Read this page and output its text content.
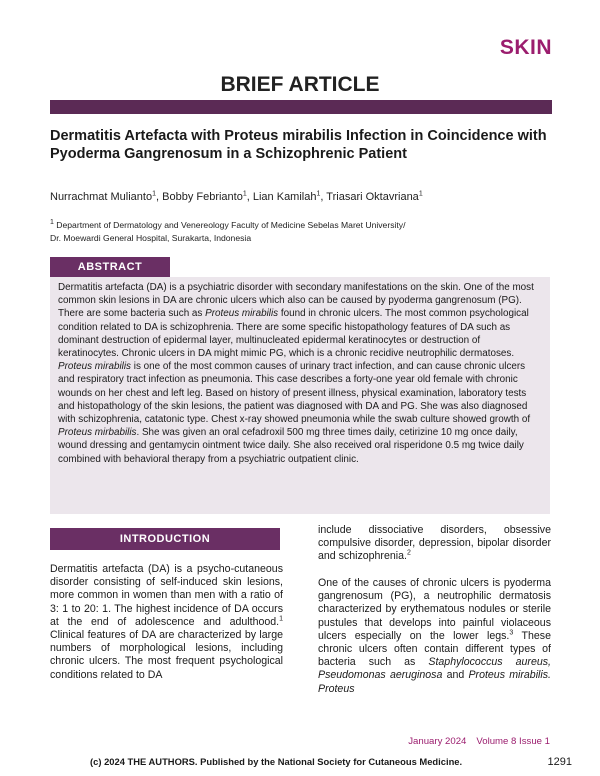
SKIN
BRIEF ARTICLE
Dermatitis Artefacta with Proteus mirabilis Infection in Coincidence with Pyoderma Gangrenosum in a Schizophrenic Patient
Nurrachmat Mulianto$^1$, Bobby Febrianto$^1$, Lian Kamilah$^1$, Triasari Oktavriana$^1$
$^1$ Department of Dermatology and Venereology Faculty of Medicine Sebelas Maret University/
Dr. Moewardi General Hospital, Surakarta, Indonesia
ABSTRACT

Dermatitis artefacta (DA) is a psychiatric disorder with secondary manifestations on the skin. One of the most common skin lesions in DA are chronic ulcers which also can be caused by pyoderma gangrenosum (PG). There are some bacteria such as Proteus mirabilis found in chronic ulcers. The most common psychological condition related to DA is schizophrenia. There are some specific histopathology features of DA such as dominant destruction of epidermal layer, multinucleated epidermal keratinocytes or destruction of keratinocytes. Chronic ulcers in DA might mimic PG, which is a chronic recidive neutrophilic dermatoses. Proteus mirabilis is one of the most common causes of urinary tract infection, and can cause chronic ulcers and respiratory tract infection as pneumonia. This case describes a forty-one year old female with chronic wounds on her chest and left leg. Based on history of present illness, physical examination, laboratory tests and histopathology of the skin lesions, the patient was diagnosed with DA and PG. She was also diagnosed with schizophrenia, catatonic type. Chest x-ray showed pneumonia while the swab culture showed growth of Proteus mirbabilis. She was given an oral cefadroxil 500 mg three times daily, cetirizine 10 mg once daily, wound dressing and gentamycin ointment twice daily. She also received oral risperidone 0.5 mg twice daily combined with behavioral therapy from a psychiatric outpatient clinic.

INTRODUCTION

Dermatitis artefacta (DA) is a psycho-cutaneous disorder consisting of self-induced skin lesions, more common in women than men with a ratio of 3: 1 to 20: 1. The highest incidence of DA occurs at the end of adolescence and adulthood.$^1$ Clinical features of DA are characterized by large numbers of morphological lesions, including chronic ulcers. The most frequent psychological conditions related to DA

include dissociative disorders, obsessive compulsive disorder, depression, bipolar disorder and schizophrenia.$^2$

One of the causes of chronic ulcers is pyoderma gangrenosum (PG), a neutrophilic dermatosis characterized by erythematous nodules or sterile pustules that develops into painful violaceous ulcers especially on the lower legs.$^3$ These chronic ulcers often contain different types of bacteria such as Staphylococcus aureus, Pseudomonas aeruginosa and Proteus mirabilis. Proteus

January 2024 Volume 8 Issue 1
(c) 2024 THE AUTHORS. Published by the National Society for Cutaneous Medicine.	1291
